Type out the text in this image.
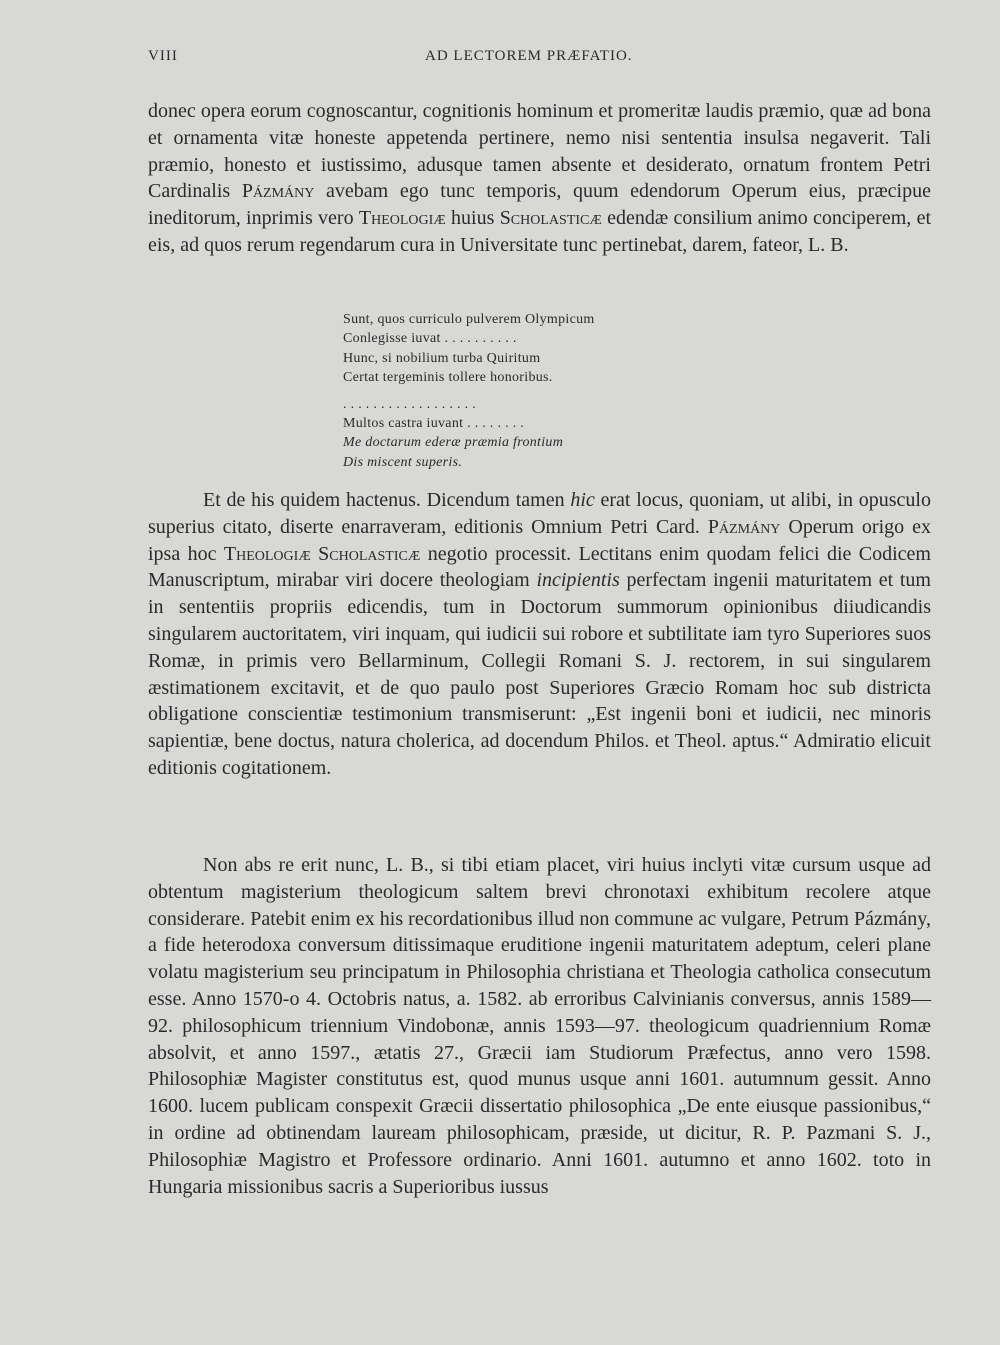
VIII	AD LECTOREM PRÆFATIO.

donec opera eorum cognoscantur, cognitionis hominum et promeritæ laudis præmio, quæ ad bona et ornamenta vitæ honeste appetenda pertinere, nemo nisi sententia insulsa negaverit. Tali præmio, honesto et iustissimo, adusque tamen absente et desiderato, ornatum frontem Petri Cardinalis Pázmány avebam ego tunc temporis, quum edendorum Operum eius, præcipue ineditorum, inprimis vero Theologiæ huius Scholasticæ edendæ consilium animo conciperem, et eis, ad quos rerum regendarum cura in Universitate tunc pertinebat, darem, fateor, L. B.

Sunt, quos curriculo pulverem Olympicum
Conlegisse iuvat . . . . . . . . . .
Hunc, si nobilium turba Quiritum
Certat tergeminis tollere honoribus.
. . . . . . . . . . . . . . . . . .
Multos castra iuvant . . . . . . . .
Me doctarum ederæ præmia frontium
Dis miscent superis.

Et de his quidem hactenus. Dicendum tamen hic erat locus, quoniam, ut alibi, in opusculo superius citato, diserte enarraveram, editionis Omnium Petri Card. Pázmány Operum origo ex ipsa hoc Theologiæ Scholasticæ negotio processit. Lectitans enim quodam felici die Codicem Manuscriptum, mirabar viri docere theologiam incipientis perfectam ingenii maturitatem et tum in sententiis propriis edicendis, tum in Doctorum summorum opinionibus diiudicandis singularem auctoritatem, viri inquam, qui iudicii sui robore et subtilitate iam tyro Superiores suos Romæ, in primis vero Bellarminum, Collegii Romani S. J. rectorem, in sui singularem æstimationem excitavit, et de quo paulo post Superiores Græcio Romam hoc sub districta obligatione conscientiæ testimonium transmiserunt: „Est ingenii boni et iudicii, nec minoris sapientiæ, bene doctus, natura cholerica, ad docendum Philos. et Theol. aptus.“ Admiratio elicuit editionis cogitationem.

Non abs re erit nunc, L. B., si tibi etiam placet, viri huius inclyti vitæ cursum usque ad obtentum magisterium theologicum saltem brevi chronotaxi exhibitum recolere atque considerare. Patebit enim ex his recordationibus illud non commune ac vulgare, Petrum Pázmány, a fide heterodoxa conversum ditissimaque eruditione ingenii maturitatem adeptum, celeri plane volatu magisterium seu principatum in Philosophia christiana et Theologia catholica consecutum esse. Anno 1570-o 4. Octobris natus, a. 1582. ab erroribus Calvinianis conversus, annis 1589—92. philosophicum triennium Vindobonæ, annis 1593—97. theologicum quadriennium Romæ absolvit, et anno 1597., ætatis 27., Græcii iam Studiorum Præfectus, anno vero 1598. Philosophiæ Magister constitutus est, quod munus usque anni 1601. autumnum gessit. Anno 1600. lucem publicam conspexit Græcii dissertatio philosophica „De ente eiusque passionibus,“ in ordine ad obtinendam lauream philosophicam, præside, ut dicitur, R. P. Pazmani S. J., Philosophiæ Magistro et Professore ordinario. Anni 1601. autumno et anno 1602. toto in Hungaria missionibus sacris a Superioribus iussus
